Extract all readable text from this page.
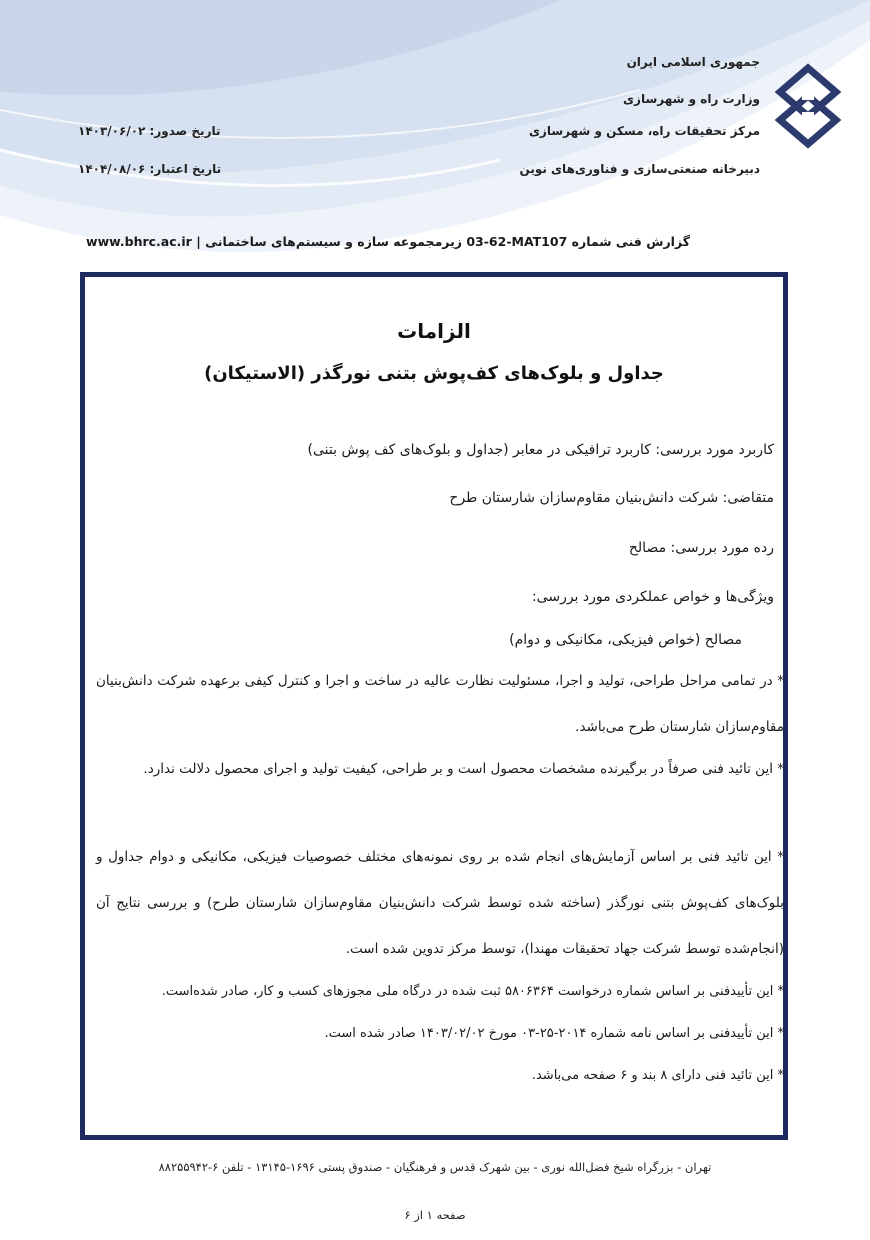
جمهوری اسلامی ایران
وزارت راه و شهرسازی
مرکز تحقیقات راه، مسکن و شهرسازی
دبیرخانه صنعتی‌سازی و فناوری‌های نوین
تاریخ صدور: ۱۴۰۳/۰۶/۰۲
تاریخ اعتبار: ۱۴۰۴/۰۸/۰۶
گزارش فنی شماره 03-62-MAT107 زیرمجموعه سازه و سیستم‌های ساختمانی | www.bhrc.ac.ir
الزامات
جداول و بلوک‌های کف‌پوش بتنی نورگذر (الاستیکان)
کاربرد مورد بررسی: کاربرد ترافیکی در معابر (جداول و بلوک‌های کف پوش بتنی)
متقاضی: شرکت دانش‌بنیان مقاوم‌سازان شارستان طرح
رده مورد بررسی: مصالح
ویژگی‌ها و خواص عملکردی مورد بررسی:
مصالح (خواص فیزیکی، مکانیکی و دوام)
* در تمامی مراحل طراحی، تولید و اجرا، مسئولیت نظارت عالیه در ساخت و اجرا و کنترل کیفی برعهده شرکت دانش‌بنیان مقاوم‌سازان شارستان طرح می‌باشد.
* این تائید فنی صرفاً در برگیرنده مشخصات محصول است و بر طراحی، کیفیت تولید و اجرای محصول دلالت ندارد.
* این تائید فنی بر اساس آزمایش‌های انجام شده بر روی نمونه‌های مختلف خصوصیات فیزیکی، مکانیکی و دوام جداول و بلوک‌های کف‌پوش بتنی نورگذر (ساخته شده توسط شرکت دانش‌بنیان مقاوم‌سازان شارستان طرح) و بررسی نتایج آن (انجام‌شده توسط شرکت جهاد تحقیقات مهندا)، توسط مرکز تدوین شده است.
* این تأییدفنی بر اساس شماره درخواست ۵۸۰۶۳۶۴ ثبت شده در درگاه ملی مجوزهای کسب و کار، صادر شده‌است.
* این تأییدفنی بر اساس نامه شماره ۲۰۱۴-۲۵-۰۳ مورخ ۱۴۰۳/۰۲/۰۲ صادر شده است.
* این تائید فنی دارای ۸ بند و ۶ صفحه می‌باشد.
تهران - بزرگراه شیخ فضل‌الله نوری - بین شهرک قدس و فرهنگیان - صندوق پستی ۱۶۹۶-۱۳۱۴۵ - تلفن ۶-۸۸۲۵۵۹۴۲
صفحه ۱ از ۶
